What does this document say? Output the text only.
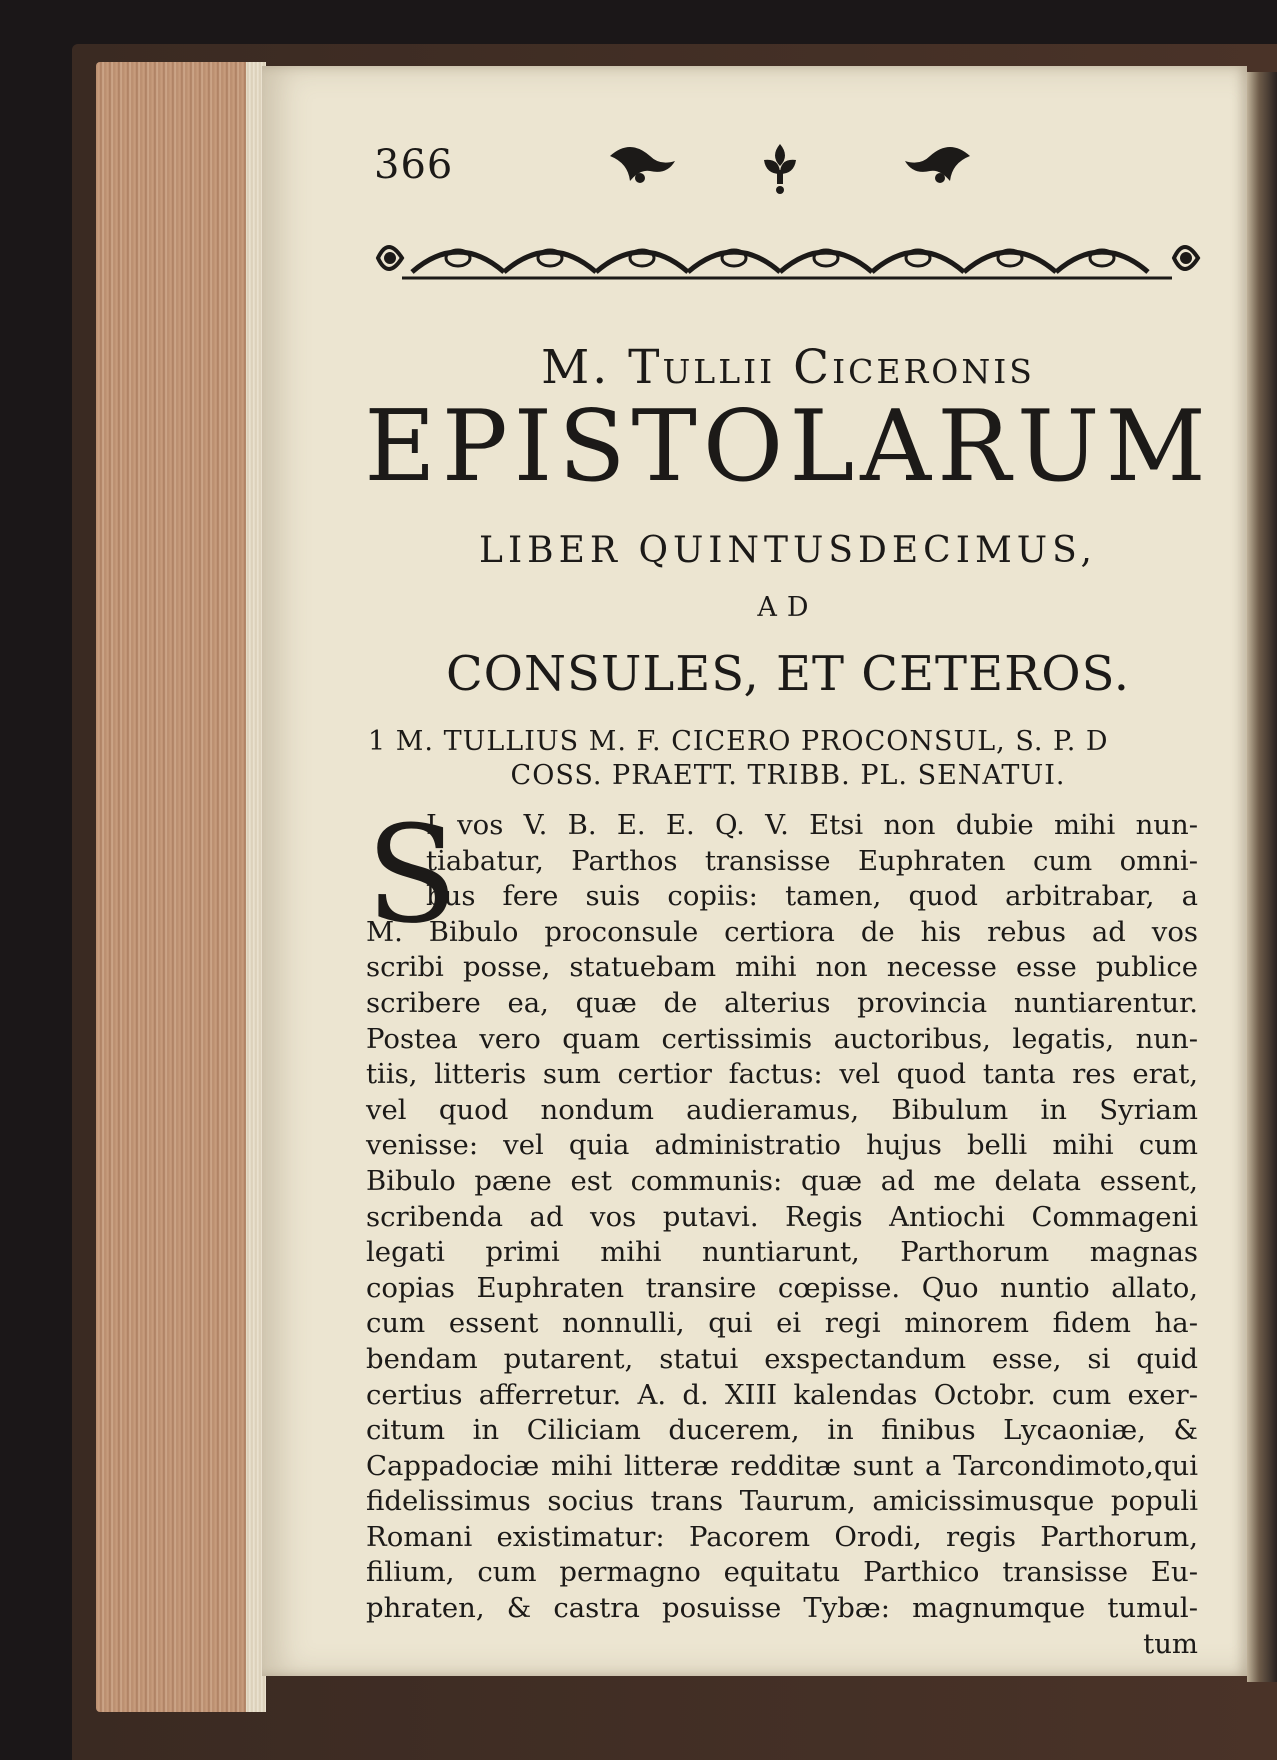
366
M. Tullii Ciceronis
EPISTOLARUM
LIBER QUINTUSDECIMUS,
AD
CONSULES, ET CETEROS.
1 M. TULLIUS M. F. CICERO PROCONSUL, S. P. D
COSS. PRAETT. TRIBB. PL. SENATUI.
S
I vos V. B. E. E. Q. V. Etsi non dubie mihi nun-
tiabatur, Parthos transisse Euphraten cum omni-
bus fere suis copiis: tamen, quod arbitrabar, a
M. Bibulo proconsule certiora de his rebus ad vos
scribi posse, statuebam mihi non necesse esse publice
scribere ea, quæ de alterius provincia nuntiarentur.
Postea vero quam certissimis auctoribus, legatis, nun-
tiis, litteris sum certior factus: vel quod tanta res erat,
vel quod nondum audieramus, Bibulum in Syriam
venisse: vel quia administratio hujus belli mihi cum
Bibulo pæne est communis: quæ ad me delata essent,
scribenda ad vos putavi. Regis Antiochi Commageni
legati primi mihi nuntiarunt, Parthorum magnas
copias Euphraten transire cœpisse. Quo nuntio allato,
cum essent nonnulli, qui ei regi minorem fidem ha-
bendam putarent, statui exspectandum esse, si quid
certius afferretur. A. d. XIII kalendas Octobr. cum exer-
citum in Ciliciam ducerem, in finibus Lycaoniæ, &
Cappadociæ mihi litteræ redditæ sunt a Tarcondimoto,qui
fidelissimus socius trans Taurum, amicissimusque populi
Romani existimatur: Pacorem Orodi, regis Parthorum,
filium, cum permagno equitatu Parthico transisse Eu-
phraten, & castra posuisse Tybæ: magnumque tumul-
tum
